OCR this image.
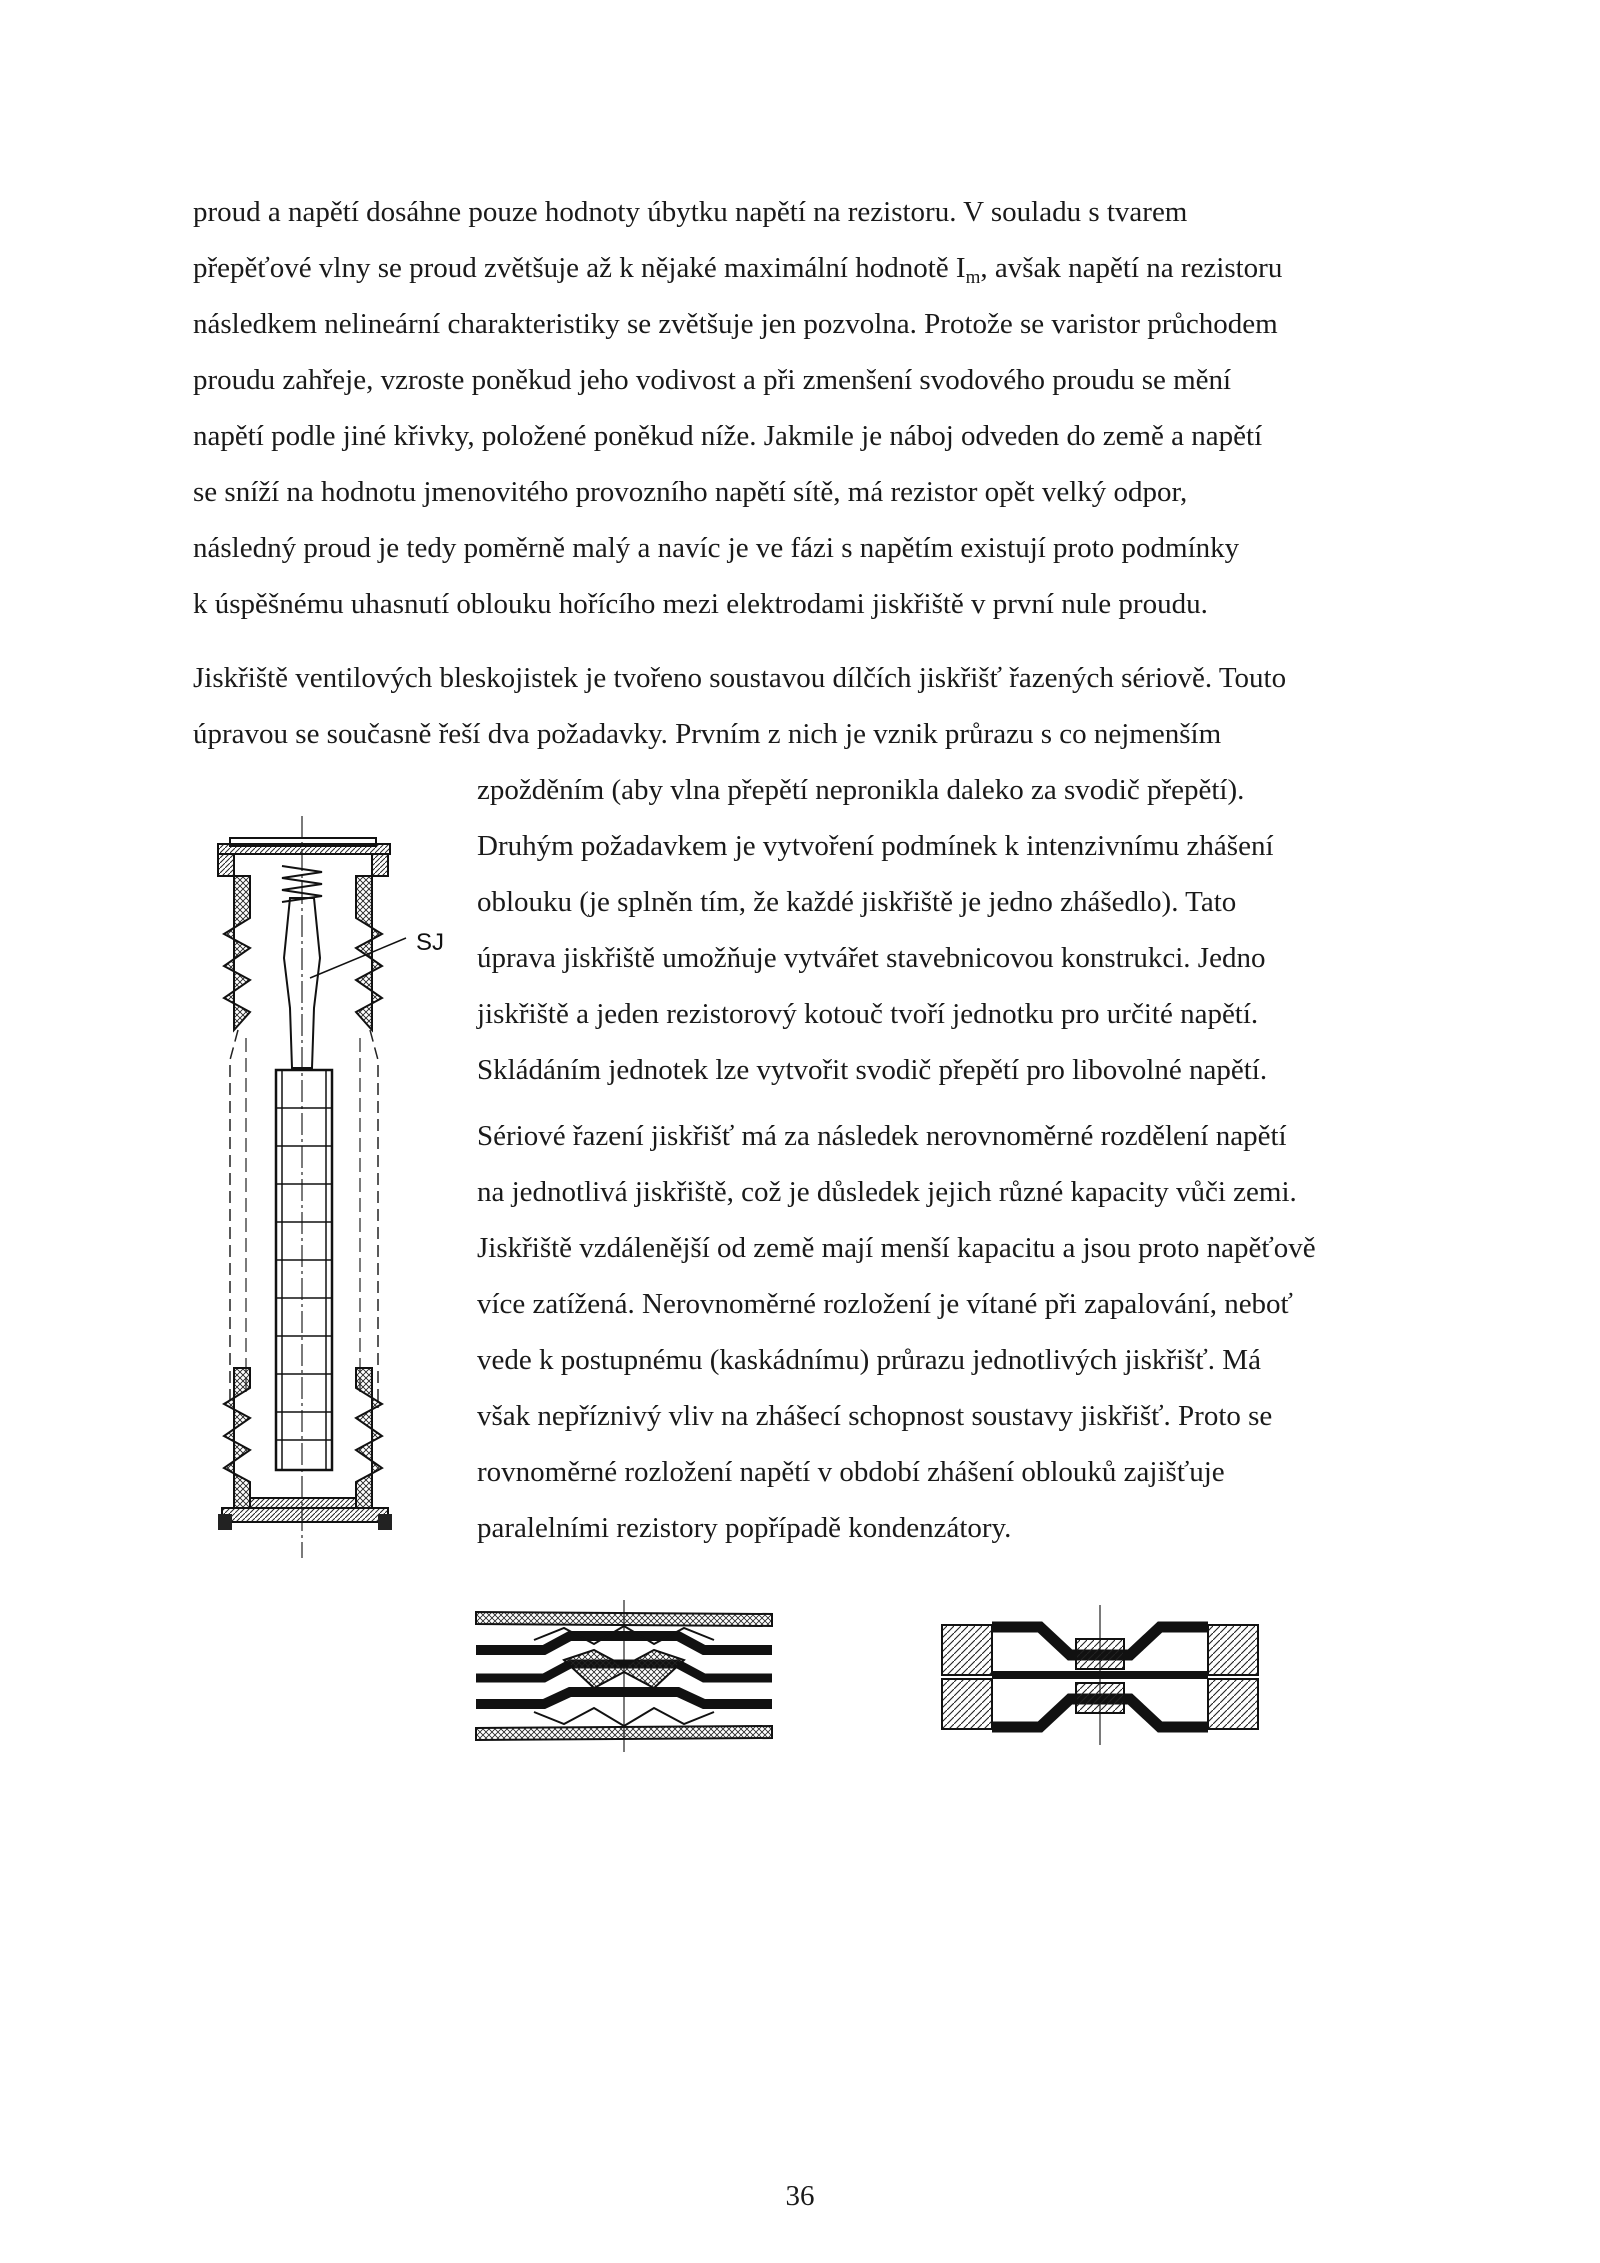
proud a napětí dosáhne pouze hodnoty úbytku napětí na rezistoru. V souladu s tvarem
přepěťové vlny se proud zvětšuje až k nějaké maximální hodnotě $I_m$, avšak napětí na rezistoru
následkem nelineární charakteristiky se zvětšuje jen pozvolna. Protože se varistor průchodem
proudu zahřeje, vzroste poněkud jeho vodivost a při zmenšení svodového proudu se mění
napětí podle jiné křivky, položené poněkud níže. Jakmile je náboj odveden do země a napětí
se sníží na hodnotu jmenovitého provozního napětí sítě, má rezistor opět velký odpor,
následný proud je tedy poměrně malý a navíc je ve fázi s napětím existují proto podmínky
k úspěšnému uhasnutí oblouku hořícího mezi elektrodami jiskřiště v první nule proudu.

Jiskřiště ventilových bleskojistek je tvořeno soustavou dílčích jiskřišť řazených sériově. Touto
úpravou se současně řeší dva požadavky. Prvním z nich je vznik průrazu s co nejmenším

zpožděním (aby vlna přepětí nepronikla daleko za svodič přepětí).
Druhým požadavkem je vytvoření podmínek k intenzivnímu zhášení
oblouku (je splněn tím, že každé jiskřiště je jedno zhášedlo). Tato
úprava jiskřiště umožňuje vytvářet stavebnicovou konstrukci. Jedno
jiskřiště a jeden rezistorový kotouč tvoří jednotku pro určité napětí.
Skládáním jednotek lze vytvořit svodič přepětí pro libovolné napětí.

Sériové řazení jiskřišť má za následek nerovnoměrné rozdělení napětí
na jednotlivá jiskřiště, což je důsledek jejich různé kapacity vůči zemi.
Jiskřiště vzdálenější od země mají menší kapacitu a jsou proto napěťově
více zatížená. Nerovnoměrné rozložení je vítané při zapalování, neboť
vede k postupnému (kaskádnímu) průrazu jednotlivých jiskřišť. Má
však nepříznivý vliv na zhášecí schopnost soustavy jiskřišť. Proto se
rovnoměrné rozložení napětí v období zhášení oblouků zajišťuje
paralelními rezistory popřípadě kondenzátory.

SJ
36
